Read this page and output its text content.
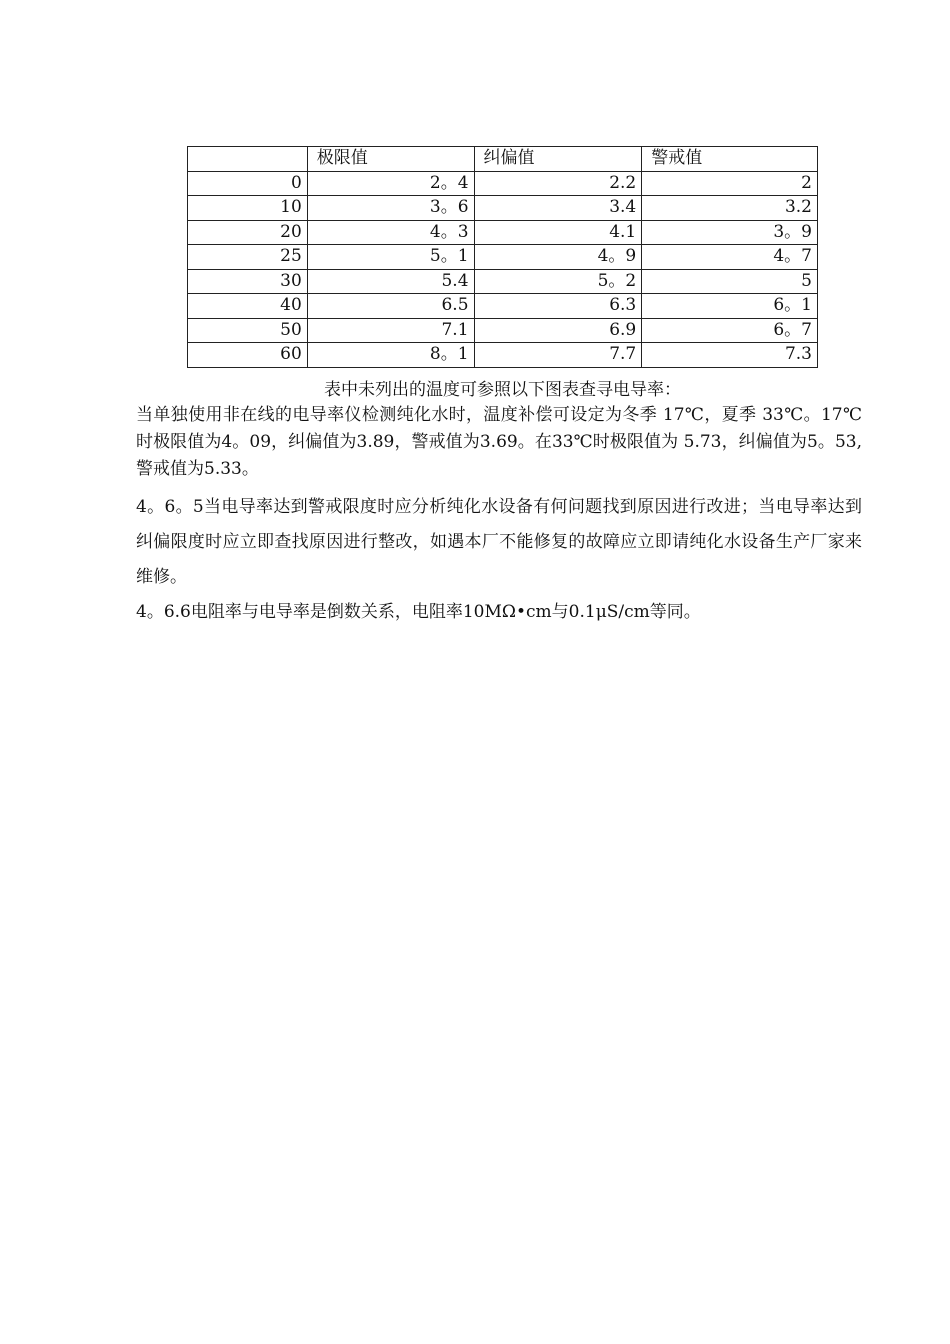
	极限值	纠偏值	警戒值
0	2。4	2.2	2
10	3。6	3.4	3.2
20	4。3	4.1	3。9
25	5。1	4。9	4。7
30	5.4	5。2	5
40	6.5	6.3	6。1
50	7.1	6.9	6。7
60	8。1	7.7	7.3
表中未列出的温度可参照以下图表查寻电导率：

当单独使用非在线的电导率仪检测纯化水时，温度补偿可设定为冬季 17℃，夏季 33℃。17℃时极限值为4。09，纠偏值为3.89，警戒值为3.69。在33℃时极限值为 5.73，纠偏值为5。53,警戒值为5.33。

4。6。5当电导率达到警戒限度时应分析纯化水设备有何问题找到原因进行改进；当电导率达到纠偏限度时应立即查找原因进行整改，如遇本厂不能修复的故障应立即请纯化水设备生产厂家来维修。

4。6.6电阻率与电导率是倒数关系，电阻率10MΩ•cm与0.1μS/cm等同。
